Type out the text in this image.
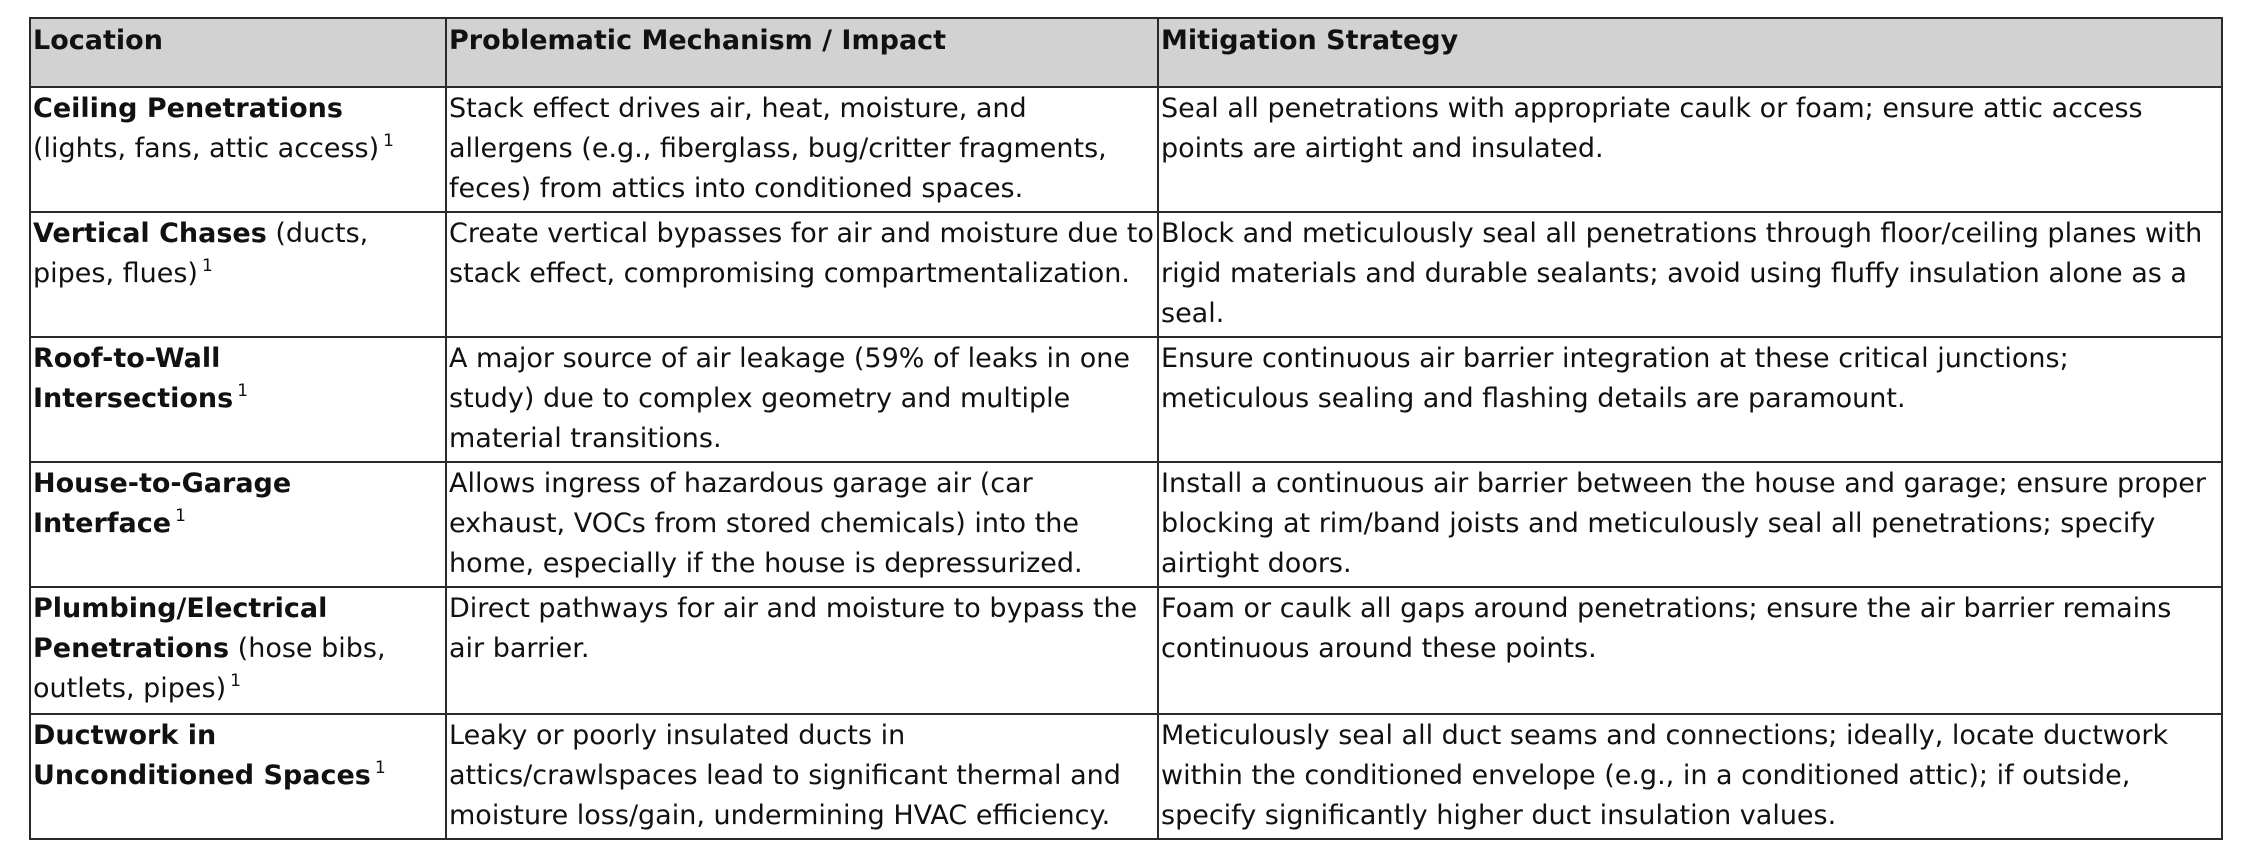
Location	Problematic Mechanism / Impact	Mitigation Strategy
Ceiling Penetrations (lights, fans, attic access) $^1$	Stack effect drives air, heat, moisture, and allergens (e.g., fiberglass, bug/critter fragments, feces) from attics into conditioned spaces.	Seal all penetrations with appropriate caulk or foam; ensure attic access points are airtight and insulated.
Vertical Chases (ducts, pipes, flues) $^1$	Create vertical bypasses for air and moisture due to stack effect, compromising compartmentalization.	Block and meticulously seal all penetrations through floor/ceiling planes with rigid materials and durable sealants; avoid using fluffy insulation alone as a seal.
Roof-to-Wall Intersections $^1$	A major source of air leakage (59% of leaks in one study) due to complex geometry and multiple material transitions.	Ensure continuous air barrier integration at these critical junctions; meticulous sealing and flashing details are paramount.
House-to-Garage Interface $^1$	Allows ingress of hazardous garage air (car exhaust, VOCs from stored chemicals) into the home, especially if the house is depressurized.	Install a continuous air barrier between the house and garage; ensure proper blocking at rim/band joists and meticulously seal all penetrations; specify airtight doors.
Plumbing/Electrical Penetrations (hose bibs, outlets, pipes) $^1$	Direct pathways for air and moisture to bypass the air barrier.	Foam or caulk all gaps around penetrations; ensure the air barrier remains continuous around these points.
Ductwork in Unconditioned Spaces $^1$	Leaky or poorly insulated ducts in attics/crawlspaces lead to significant thermal and moisture loss/gain, undermining HVAC efficiency.	Meticulously seal all duct seams and connections; ideally, locate ductwork within the conditioned envelope (e.g., in a conditioned attic); if outside, specify significantly higher duct insulation values.
